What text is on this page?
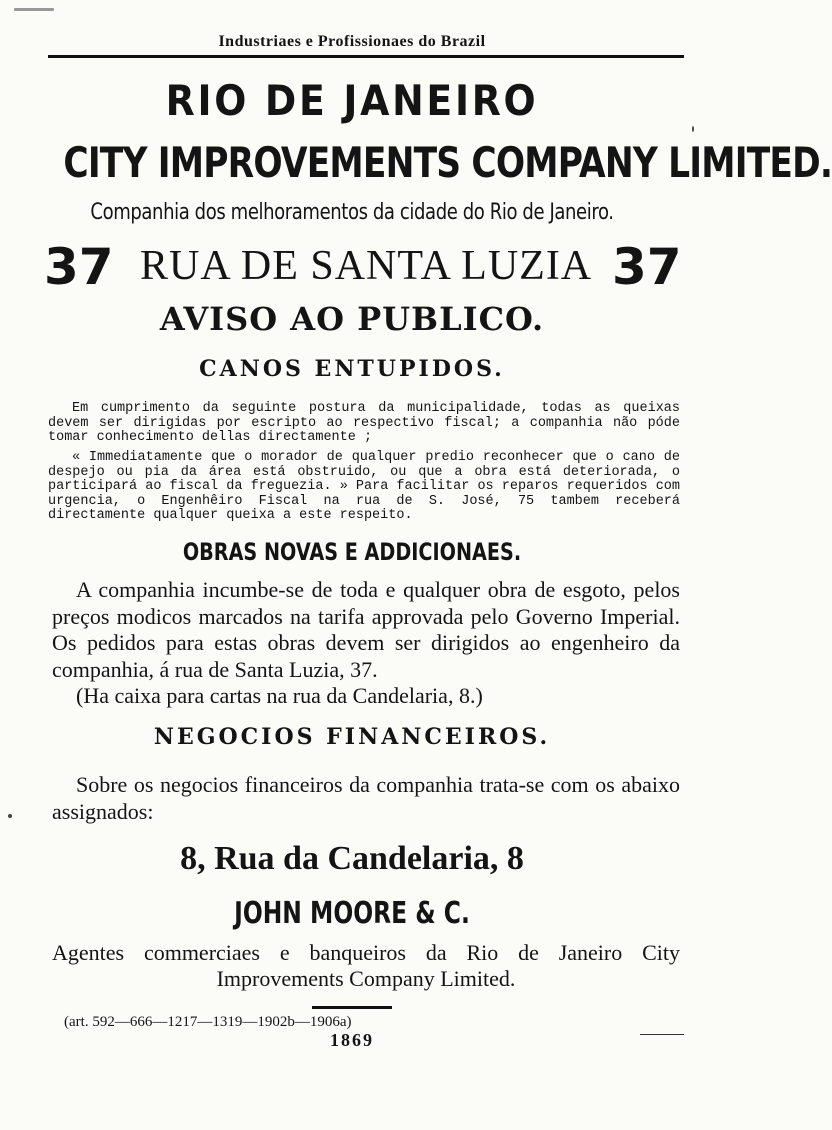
Industriaes e Profissionaes do Brazil
RIO DE JANEIRO
CITY IMPROVEMENTS COMPANY LIMITED.
Companhia dos melhoramentos da cidade do Rio de Janeiro.
37 RUA DE SANTA LUZIA 37
AVISO AO PUBLICO.
CANOS ENTUPIDOS.

Em cumprimento da seguinte postura da municipalidade, todas as queixas devem ser dirigidas por escripto ao respectivo fiscal; a companhia não póde tomar conhecimento dellas directamente ;

« Immediatamente que o morador de qualquer predio reconhecer que o cano de despejo ou pia da área está obstruido, ou que a obra está deteriorada, o participará ao fiscal da freguezia. » Para facilitar os reparos requeridos com urgencia, o Engenhêiro Fiscal na rua de S. José, 75 tambem receberá directamente qualquer queixa a este respeito.

OBRAS NOVAS E ADDICIONAES.

A companhia incumbe-se de toda e qualquer obra de esgoto, pelos preços modicos marcados na tarifa approvada pelo Governo Imperial. Os pedidos para estas obras devem ser dirigidos ao engenheiro da companhia, á rua de Santa Luzia, 37.

(Ha caixa para cartas na rua da Candelaria, 8.)

NEGOCIOS FINANCEIROS.

Sobre os negocios financeiros da companhia trata-se com os abaixo assignados:

8, Rua da Candelaria, 8
JOHN MOORE & C.

Agentes commerciaes e banqueiros da Rio de Janeiro City

Improvements Company Limited.

(art. 592—666—1217—1319—1902b—1906a)
1869
